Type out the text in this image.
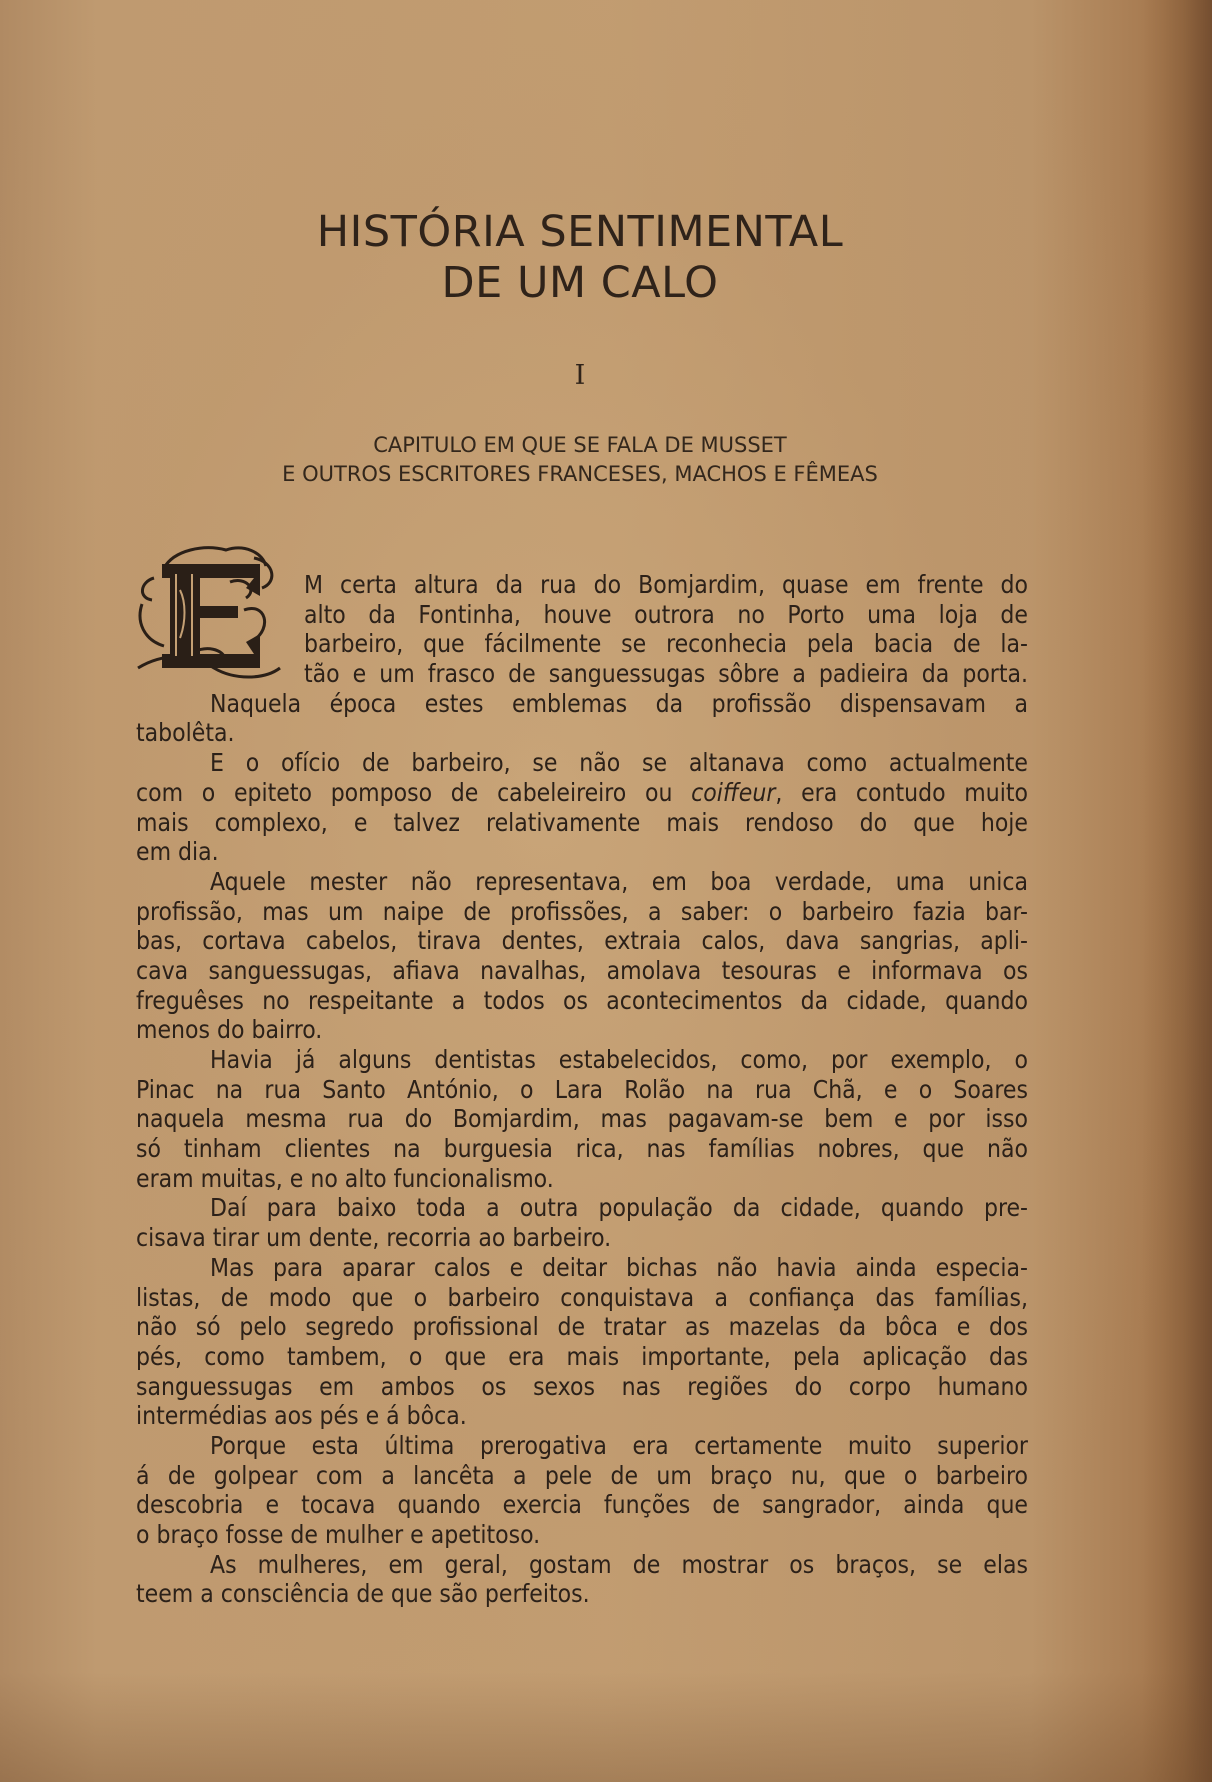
HISTÓRIA SENTIMENTAL
DE UM CALO
I
CAPITULO EM QUE SE FALA DE MUSSET
E OUTROS ESCRITORES FRANCESES, MACHOS E FÊMEAS
E
M certa altura da rua do Bomjardim, quase em frente do
alto da Fontinha, houve outrora no Porto uma loja de
barbeiro, que fácilmente se reconhecia pela bacia de la-
tão e um frasco de sanguessugas sôbre a padieira da porta.
Naquela época estes emblemas da profissão dispensavam a
tabolêta.
E o ofício de barbeiro, se não se altanava como actualmente
com o epiteto pomposo de cabeleireiro ou coiffeur, era contudo muito
mais complexo, e talvez relativamente mais rendoso do que hoje
em dia.
Aquele mester não representava, em boa verdade, uma unica
profissão, mas um naipe de profissões, a saber: o barbeiro fazia bar-
bas, cortava cabelos, tirava dentes, extraia calos, dava sangrias, apli-
cava sanguessugas, afiava navalhas, amolava tesouras e informava os
freguêses no respeitante a todos os acontecimentos da cidade, quando
menos do bairro.
Havia já alguns dentistas estabelecidos, como, por exemplo, o
Pinac na rua Santo António, o Lara Rolão na rua Chã, e o Soares
naquela mesma rua do Bomjardim, mas pagavam-se bem e por isso
só tinham clientes na burguesia rica, nas famílias nobres, que não
eram muitas, e no alto funcionalismo.
Daí para baixo toda a outra população da cidade, quando pre-
cisava tirar um dente, recorria ao barbeiro.
Mas para aparar calos e deitar bichas não havia ainda especia-
listas, de modo que o barbeiro conquistava a confiança das famílias,
não só pelo segredo profissional de tratar as mazelas da bôca e dos
pés, como tambem, o que era mais importante, pela aplicação das
sanguessugas em ambos os sexos nas regiões do corpo humano
intermédias aos pés e á bôca.
Porque esta última prerogativa era certamente muito superior
á de golpear com a lancêta a pele de um braço nu, que o barbeiro
descobria e tocava quando exercia funções de sangrador, ainda que
o braço fosse de mulher e apetitoso.
As mulheres, em geral, gostam de mostrar os braços, se elas
teem a consciência de que são perfeitos.
